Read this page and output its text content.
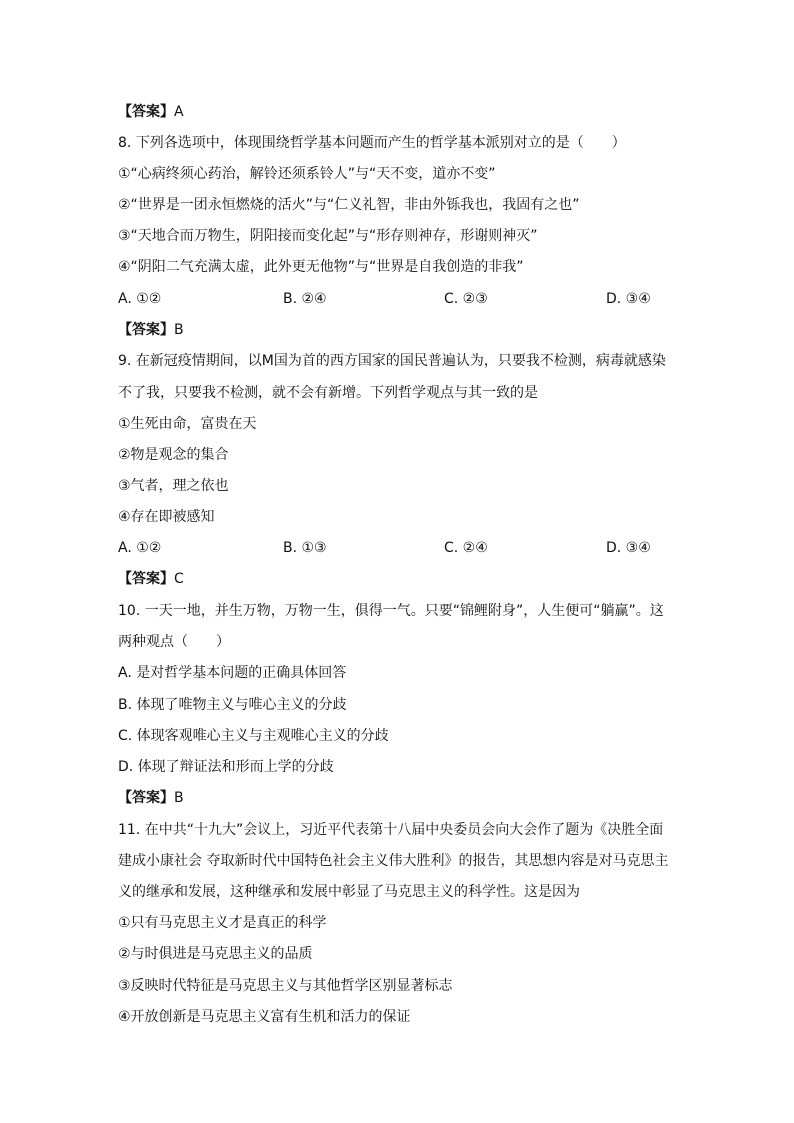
【答案】A
8. 下列各选项中，体现围绕哲学基本问题而产生的哲学基本派别对立的是（　　）
①“心病终须心药治，解铃还须系铃人”与“天不变，道亦不变”
②“世界是一团永恒燃烧的活火”与“仁义礼智，非由外铄我也，我固有之也”
③“天地合而万物生，阴阳接而变化起”与“形存则神存，形谢则神灭”
④“阴阳二气充满太虚，此外更无他物”与“世界是自我创造的非我”
A. ①②	B. ②④	C. ②③	D. ③④
【答案】B
9. 在新冠疫情期间，以M国为首的西方国家的国民普遍认为，只要我不检测，病毒就感染
不了我，只要我不检测，就不会有新增。下列哲学观点与其一致的是
①生死由命，富贵在天
②物是观念的集合
③气者，理之依也
④存在即被感知
A. ①②	B. ①③	C. ②④	D. ③④
【答案】C
10. 一天一地，并生万物，万物一生，俱得一气。只要“锦鲤附身”，人生便可“躺赢”。这
两种观点（　　）
A. 是对哲学基本问题的正确具体回答
B. 体现了唯物主义与唯心主义的分歧
C. 体现客观唯心主义与主观唯心主义的分歧
D. 体现了辩证法和形而上学的分歧
【答案】B
11. 在中共“十九大”会议上，习近平代表第十八届中央委员会向大会作了题为《决胜全面
建成小康社会 夺取新时代中国特色社会主义伟大胜利》的报告，其思想内容是对马克思主
义的继承和发展，这种继承和发展中彰显了马克思主义的科学性。这是因为
①只有马克思主义才是真正的科学
②与时俱进是马克思主义的品质
③反映时代特征是马克思主义与其他哲学区别显著标志
④开放创新是马克思主义富有生机和活力的保证
